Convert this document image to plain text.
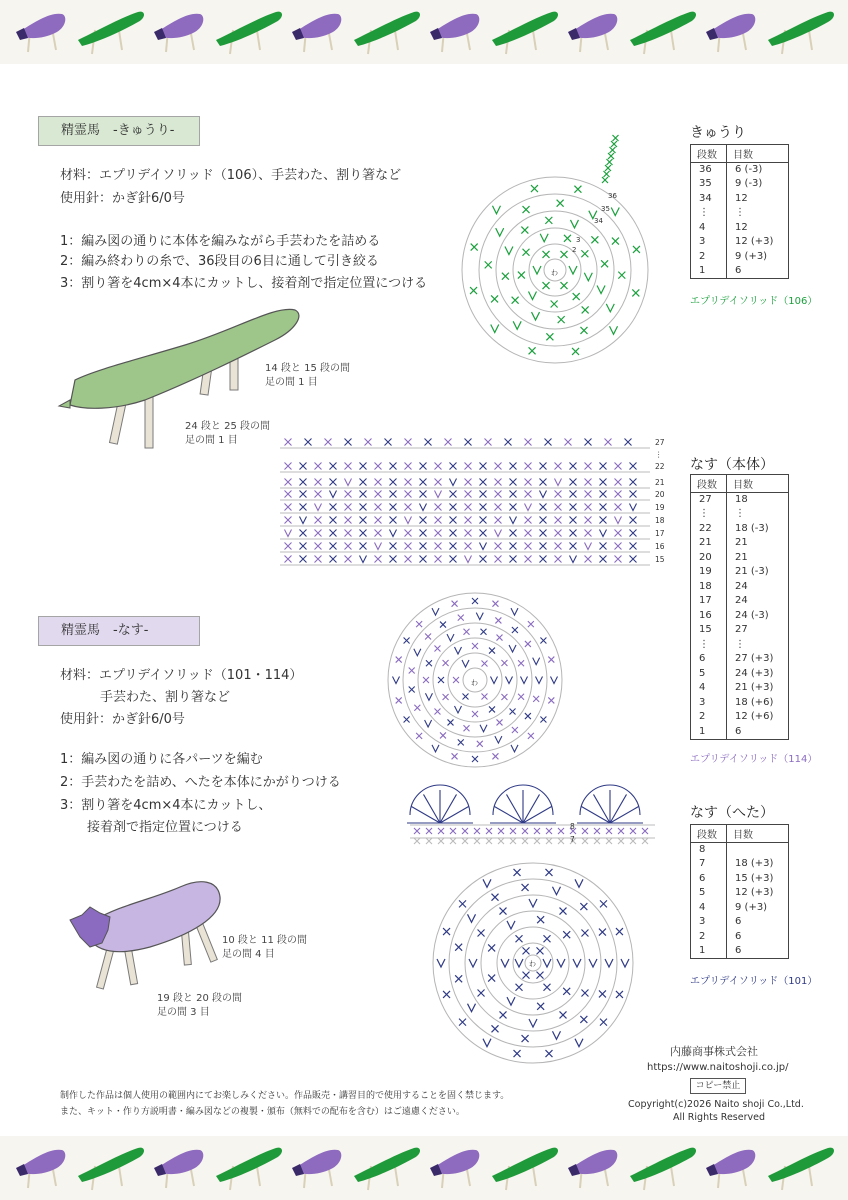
精霊馬　-きゅうり-
材料：エプリデイソリッド（106）、手芸わた、割り箸など
使用針：かぎ針6/0号
1：編み図の通りに本体を編みながら手芸わたを詰める
2：編み終わりの糸で、36段目の6目に通して引き絞る
3：割り箸を4cm×4本にカットし、接着剤で指定位置につける
14 段と 15 段の間
足の間 1 目
24 段と 25 段の間
足の間 1 目
36
35
34
3
2
わ
きゅうり
段数	目数
36	6 (-3)
35	9 (-3)
34	12
⋮	⋮
4	12
3	12 (+3)
2	9 (+3)
1	6
エプリデイソリッド（106）
27
⋮
22
21
20
19
18
17
16
15
精霊馬　-なす-
材料：エプリデイソリッド（101・114）
手芸わた、割り箸など
使用針：かぎ針6/0号
1：編み図の通りに各パーツを編む
2：手芸わたを詰め、へたを本体にかがりつける
3：割り箸を4cm×4本にカットし、
接着剤で指定位置につける
10 段と 11 段の間
足の間 4 目
19 段と 20 段の間
足の間 3 目
わ
8
7
わ
なす（本体）
段数	目数
27	18
⋮	⋮
22	18 (-3)
21	21
20	21
19	21 (-3)
18	24
17	24
16	24 (-3)
15	27
⋮	⋮
6	27 (+3)
5	24 (+3)
4	21 (+3)
3	18 (+6)
2	12 (+6)
1	6
エプリデイソリッド（114）
なす（へた）
段数	目数
8	
7	18 (+3)
6	15 (+3)
5	12 (+3)
4	9 (+3)
3	6
2	6
1	6
エプリデイソリッド（101）
内藤商事株式会社
https://www.naitoshoji.co.jp/
コピー禁止
Copyright(c)2026 Naito shoji Co.,Ltd.
All Rights Reserved
制作した作品は個人使用の範囲内にてお楽しみください。作品販売・講習目的で使用することを固く禁じます。
また、キット・作り方説明書・編み図などの複製・頒布（無料での配布を含む）はご遠慮ください。
